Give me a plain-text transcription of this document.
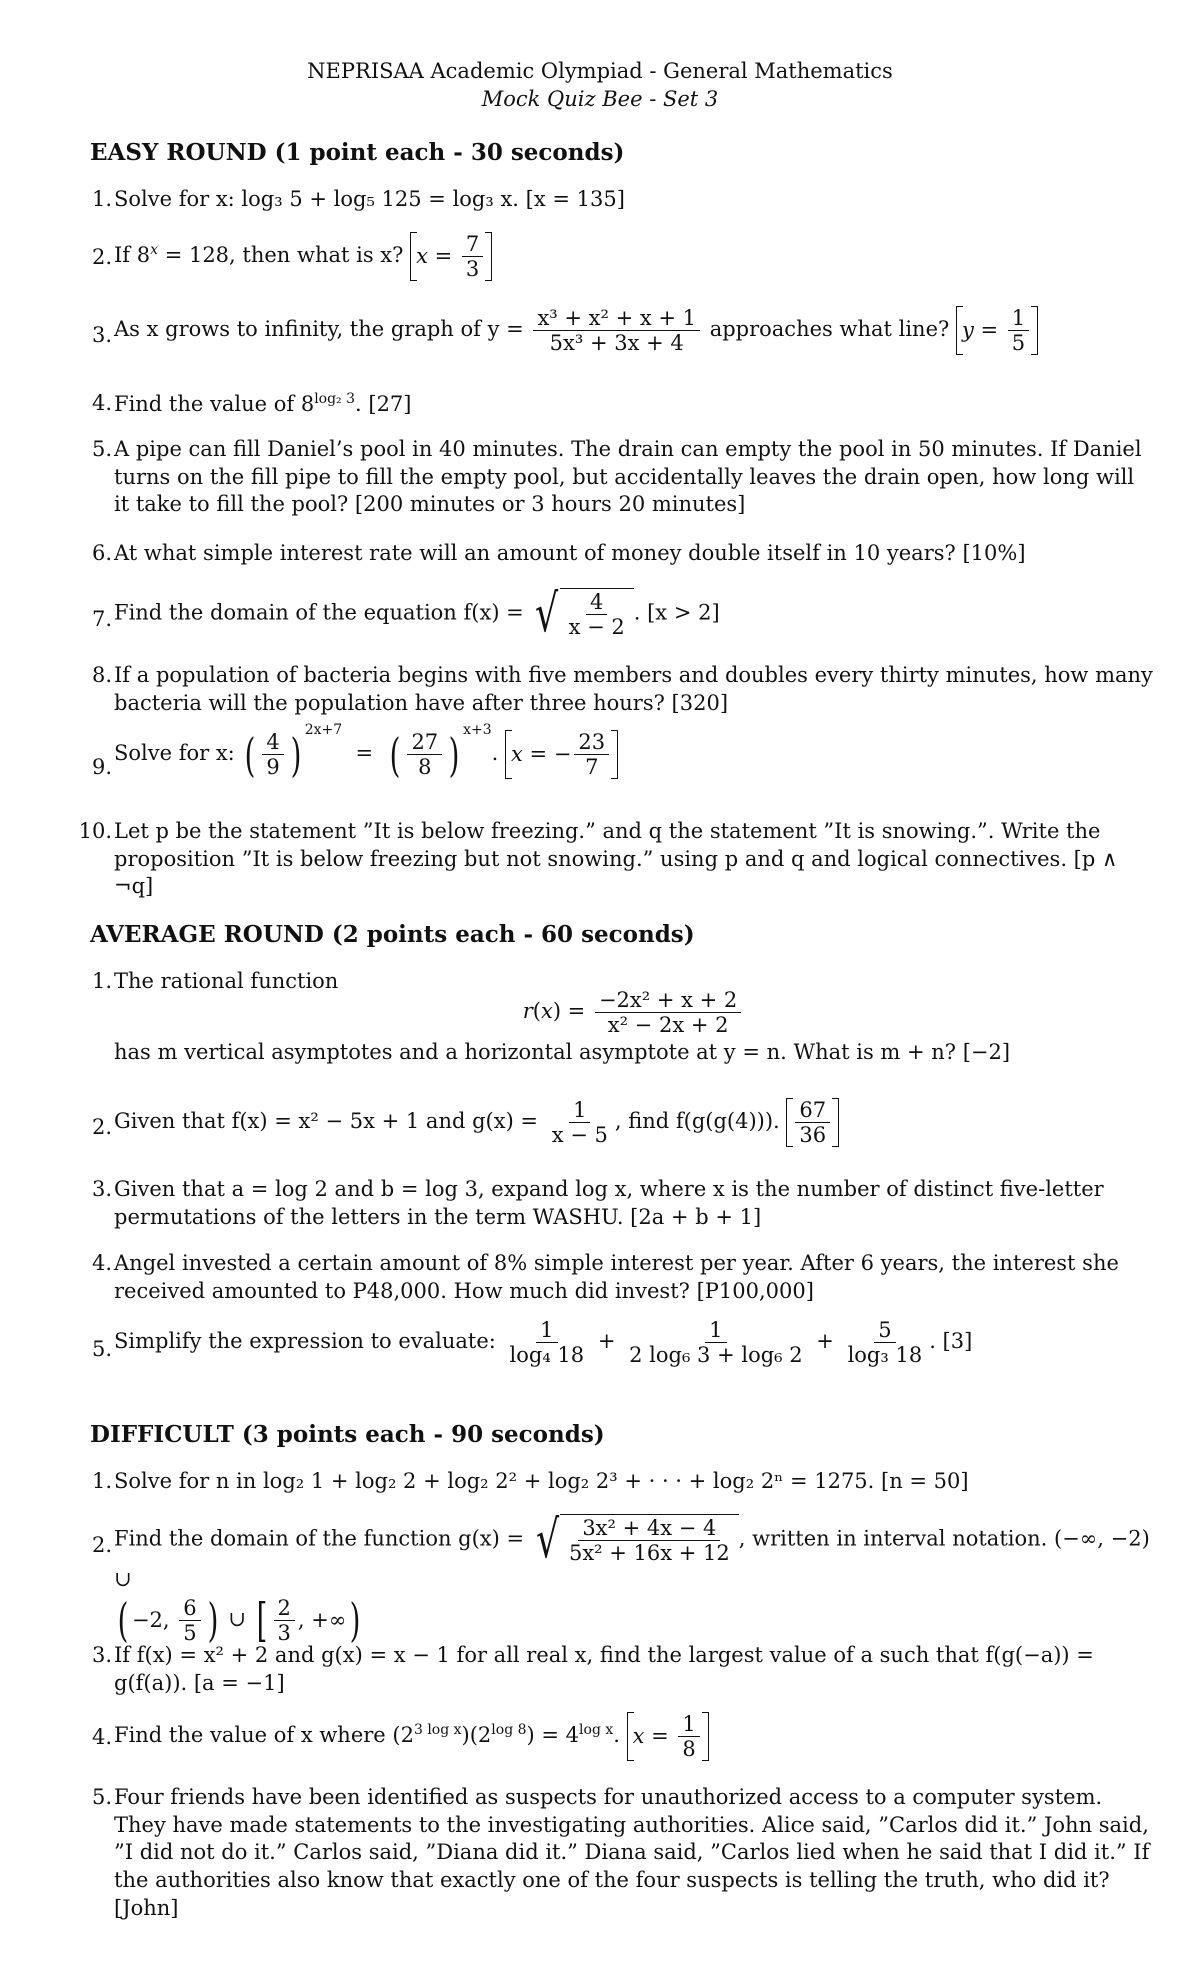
NEPRISAA Academic Olympiad - General Mathematics
Mock Quiz Bee - Set 3
EASY ROUND (1 point each - 30 seconds)
1. Solve for x: log₃ 5 + log₅ 125 = log₃ x. [x = 135]
2. If $8^x = 128$, then what is x? $x = \frac{7}{3}$
3. As x grows to infinity, the graph of $y = \frac{\text{x³ + x² + x + 1}}{\text{5x³ + 3x + 4}}$ approaches what line? $y = \frac{1}{5}$
4. Find the value of $8^{log_2 3}$. [27]
5. A pipe can fill Daniel’s pool in 40 minutes. The drain can empty the pool in 50 minutes. If Daniel turns on the fill pipe to fill the empty pool, but accidentally leaves the drain open, how long will it take to fill the pool? [200 minutes or 3 hours 20 minutes]
6. At what simple interest rate will an amount of money double itself in 10 years? [10%]
7. Find the domain of the equation f(x) = √ $\frac{4}{x - 2}$ . [x > 2]
8. If a population of bacteria begins with five members and doubles every thirty minutes, how many bacteria will the population have after three hours? [320]
9.
Solve for x: ( $\frac{4}{9}$ ) $^{2x+7}$  = ( $\frac{27}{8}$ ) $^{x+3}$. x = − $\frac{23}{7}$
10. Let p be the statement ”It is below freezing.” and q the statement ”It is snowing.”. Write the proposition ”It is below freezing but not snowing.” using p and q and logical connectives. [p ∧ ¬q]
AVERAGE ROUND (2 points each - 60 seconds)
1. The rational function
$r(x) = \frac{\text{−2x² + x + 2}}{\text{x² − 2x + 2}}$
has m vertical asymptotes and a horizontal asymptote at y = n. What is m + n? [−2]
2. Given that f(x) = x² − 5x + 1 and $g(x) = \frac{1}{x - 5}$ , find f(g(g(4))). $\frac{67}{36}$
3. Given that a = log 2 and b = log 3, expand log x, where x is the number of distinct five-letter permutations of the letters in the term WASHU. [2a + b + 1]
4. Angel invested a certain amount of 8% simple interest per year. After 6 years, the interest she received amounted to P48,000. How much did invest? [P100,000]
5. Simplify the expression to evaluate: $\frac{1}{\text{log₄ 18}} + \frac{1}{\text{2 log₆ 3 + log₆ 2}} + \frac{5}{\text{log₃ 18}}$ . [3]
DIFFICULT (3 points each - 90 seconds)
1. Solve for n in log₂ 1 + log₂ 2 + log₂ 2² + log₂ 2³ + · · · + log₂ 2ⁿ = 1275. [n = 50]
2. Find the domain of the function g(x) = √ $\frac{\text{3x² + 4x − 4}}{\text{5x² + 16x + 12}}$ , written in interval notation. (−∞, −2) ∪
( −2,
$\frac{6}{5}$ ) ∪ [ $\frac{2}{3}$ , +∞ )
3. If f(x) = x² + 2 and g(x) = x − 1 for all real x, find the largest value of a such that f(g(−a)) = g(f(a)). [a = −1]
4. Find the value of x where $(2^{3 log x})(2^{log 8}) = 4^{log x}$. $x = \frac{1}{8}$
5. Four friends have been identified as suspects for unauthorized access to a computer system. They have made statements to the investigating authorities. Alice said, ”Carlos did it.” John said, ”I did not do it.” Carlos said, ”Diana did it.” Diana said, ”Carlos lied when he said that I did it.” If the authorities also know that exactly one of the four suspects is telling the truth, who did it? [John]
